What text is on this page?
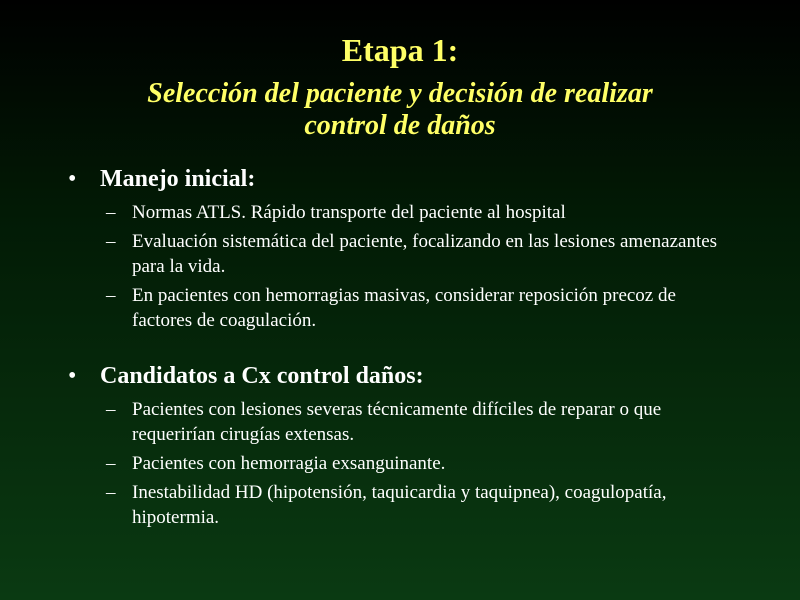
Etapa 1:
Selección del paciente y decisión de realizar
control de daños
• Manejo inicial:
– Normas ATLS. Rápido transporte del paciente al hospital
– Evaluación sistemática del paciente, focalizando en las lesiones amenazantes para la vida.
– En pacientes con hemorragias masivas, considerar reposición precoz de factores de coagulación.
• Candidatos a Cx control daños:
– Pacientes con lesiones severas técnicamente difíciles de reparar o que requerirían cirugías extensas.
– Pacientes con hemorragia exsanguinante.
– Inestabilidad HD (hipotensión, taquicardia y taquipnea), coagulopatía, hipotermia.
